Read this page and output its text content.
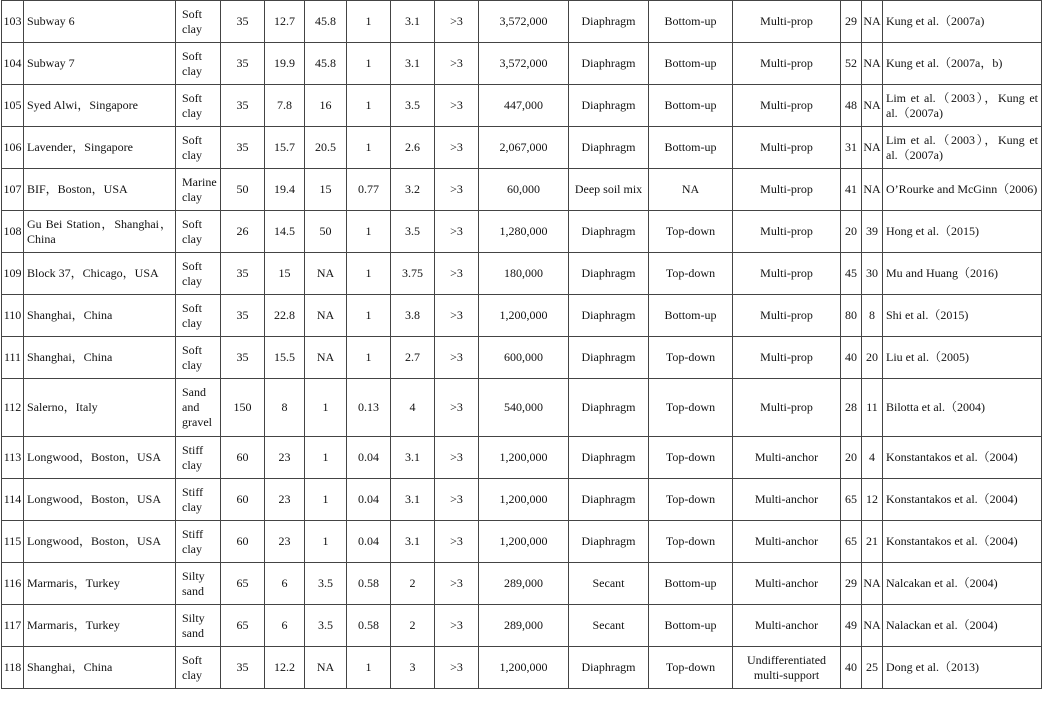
103	Subway 6	Soft clay	35	12.7	45.8	1	3.1	>3	3,572,000	Diaphragm	Bottom-up	Multi-prop	29	NA	Kung et al.（2007a)
104	Subway 7	Soft clay	35	19.9	45.8	1	3.1	>3	3,572,000	Diaphragm	Bottom-up	Multi-prop	52	NA	Kung et al.（2007a，b)
105	Syed Alwi，Singapore	Soft clay	35	7.8	16	1	3.5	>3	447,000	Diaphragm	Bottom-up	Multi-prop	48	NA	Lim et al.（2003），Kung et al.（2007a)
106	Lavender，Singapore	Soft clay	35	15.7	20.5	1	2.6	>3	2,067,000	Diaphragm	Bottom-up	Multi-prop	31	NA	Lim et al.（2003），Kung et al.（2007a)
107	BIF，Boston，USA	Marine clay	50	19.4	15	0.77	3.2	>3	60,000	Deep soil mix	NA	Multi-prop	41	NA	O’Rourke and McGinn（2006)
108	Gu Bei Station，Shanghai，China	Soft clay	26	14.5	50	1	3.5	>3	1,280,000	Diaphragm	Top-down	Multi-prop	20	39	Hong et al.（2015)
109	Block 37，Chicago，USA	Soft clay	35	15	NA	1	3.75	>3	180,000	Diaphragm	Top-down	Multi-prop	45	30	Mu and Huang（2016)
110	Shanghai，China	Soft clay	35	22.8	NA	1	3.8	>3	1,200,000	Diaphragm	Bottom-up	Multi-prop	80	8	Shi et al.（2015)
111	Shanghai，China	Soft clay	35	15.5	NA	1	2.7	>3	600,000	Diaphragm	Top-down	Multi-prop	40	20	Liu et al.（2005)
112	Salerno，Italy	Sand and gravel	150	8	1	0.13	4	>3	540,000	Diaphragm	Top-down	Multi-prop	28	11	Bilotta et al.（2004)
113	Longwood，Boston，USA	Stiff clay	60	23	1	0.04	3.1	>3	1,200,000	Diaphragm	Top-down	Multi-anchor	20	4	Konstantakos et al.（2004)
114	Longwood，Boston，USA	Stiff clay	60	23	1	0.04	3.1	>3	1,200,000	Diaphragm	Top-down	Multi-anchor	65	12	Konstantakos et al.（2004)
115	Longwood，Boston，USA	Stiff clay	60	23	1	0.04	3.1	>3	1,200,000	Diaphragm	Top-down	Multi-anchor	65	21	Konstantakos et al.（2004)
116	Marmaris，Turkey	Silty sand	65	6	3.5	0.58	2	>3	289,000	Secant	Bottom-up	Multi-anchor	29	NA	Nalcakan et al.（2004)
117	Marmaris，Turkey	Silty sand	65	6	3.5	0.58	2	>3	289,000	Secant	Bottom-up	Multi-anchor	49	NA	Nalackan et al.（2004)
118	Shanghai，China	Soft clay	35	12.2	NA	1	3	>3	1,200,000	Diaphragm	Top-down	Undifferentiated multi-support	40	25	Dong et al.（2013)
